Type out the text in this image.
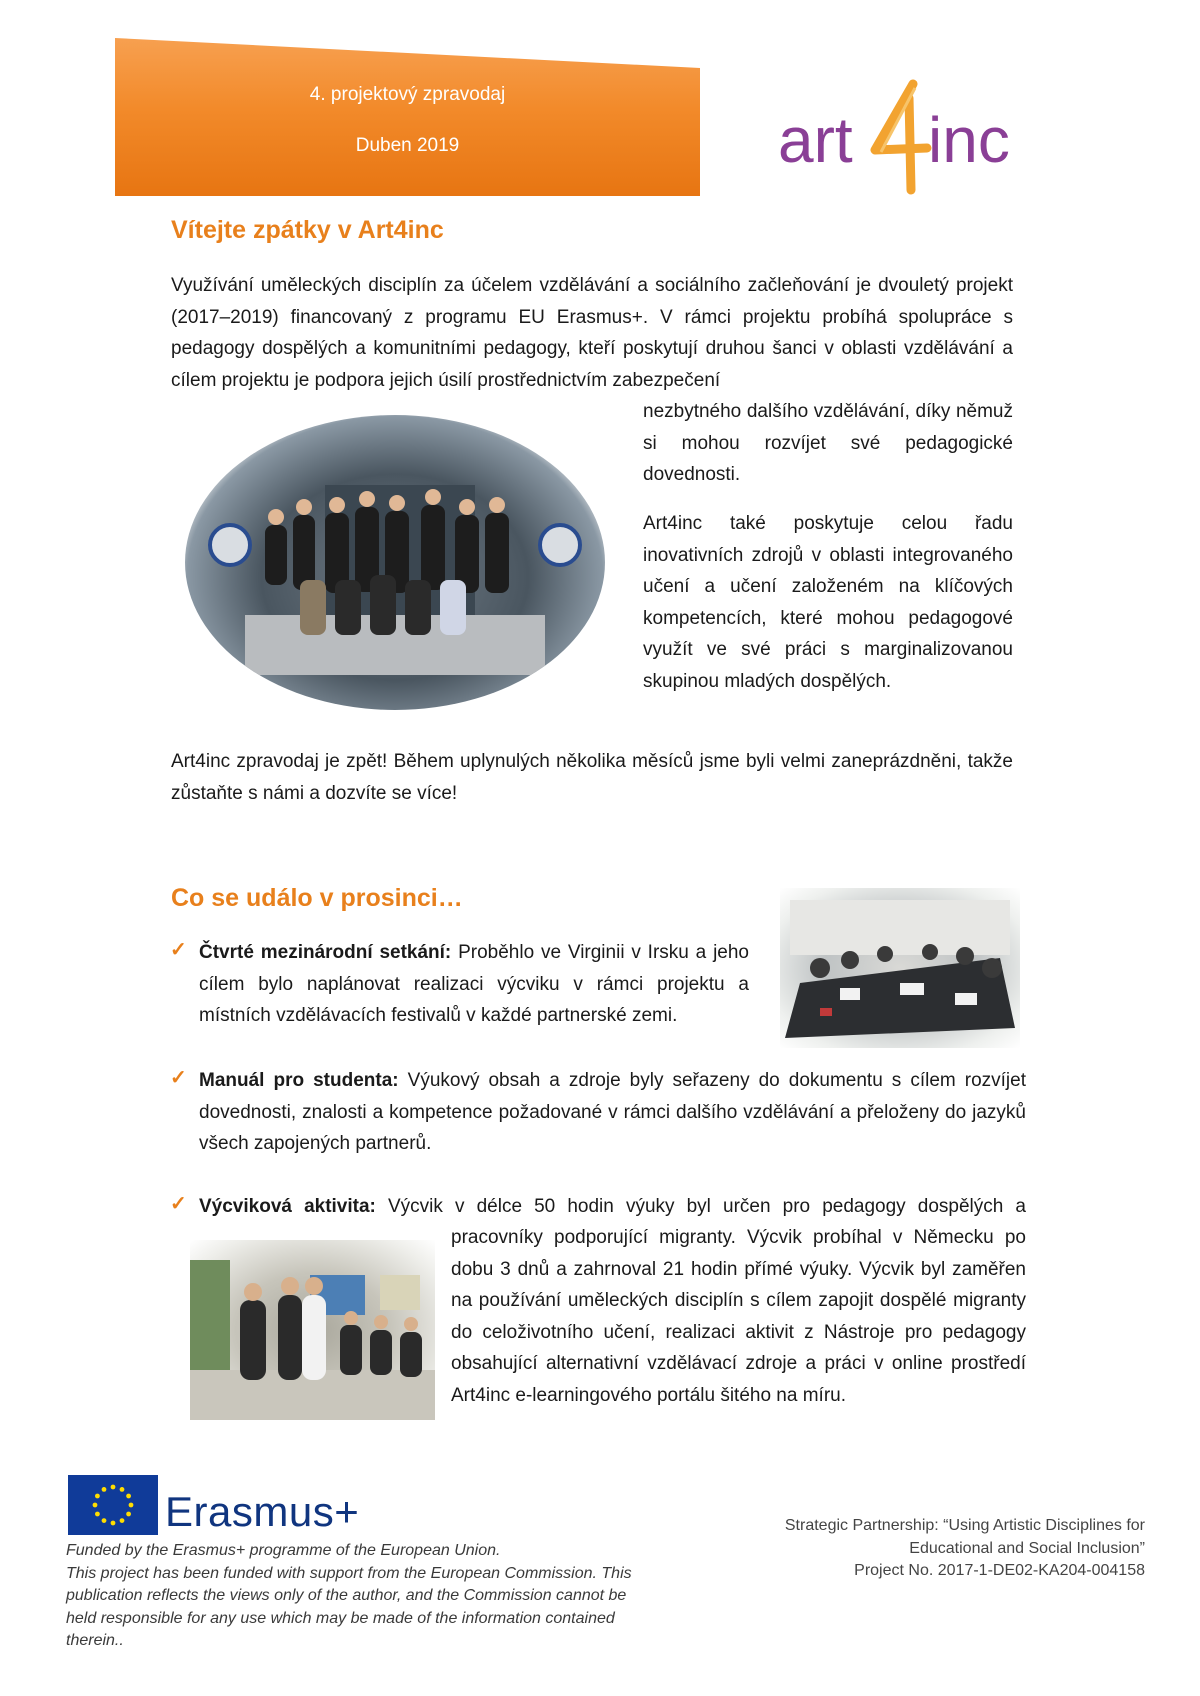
4. projektový zpravodaj
Duben 2019	art inc
Vítejte zpátky v Art4inc

Využívání uměleckých disciplín za účelem vzdělávání a sociálního začleňování je dvouletý projekt (2017–2019) financovaný z programu EU Erasmus+. V rámci projektu probíhá spolupráce s pedagogy dospělých a komunitními pedagogy, kteří poskytují druhou šanci v oblasti vzdělávání a cílem projektu je podpora jejich úsilí prostřednictvím zabezpečení

nezbytného dalšího vzdělávání, díky němuž si mohou rozvíjet své pedagogické dovednosti.

Art4inc také poskytuje celou řadu inovativních zdrojů v oblasti integrovaného učení a učení založeném na klíčových kompetencích, které mohou pedagogové využít ve své práci s marginalizovanou skupinou mladých dospělých.

Art4inc zpravodaj je zpět! Během uplynulých několika měsíců jsme byli velmi zaneprázdněni, takže zůstaňte s námi a dozvíte se více!

Co se událo v prosinci…
✓ Čtvrté mezinárodní setkání: Proběhlo ve Virginii v Irsku a jeho cílem bylo naplánovat realizaci výcviku v rámci projektu a místních vzdělávacích festivalů v každé partnerské zemi.

✓ Manuál pro studenta: Výukový obsah a zdroje byly seřazeny do dokumentu s cílem rozvíjet dovednosti, znalosti a kompetence požadované v rámci dalšího vzdělávání a přeloženy do jazyků všech zapojených partnerů.

✓ Výcviková aktivita: Výcvik v délce 50 hodin výuky byl určen pro pedagogy dospělých a

pracovníky podporující migranty. Výcvik probíhal v Německu po dobu 3 dnů a zahrnoval 21 hodin přímé výuky. Výcvik byl zaměřen na používání uměleckých disciplín s cílem zapojit dospělé migranty do celoživotního učení, realizaci aktivit z Nástroje pro pedagogy obsahující alternativní vzdělávací zdroje a práci v online prostředí Art4inc e-learningového portálu šitého na míru.

Erasmus+
Funded by the Erasmus+ programme of the European Union.
This project has been funded with support from the European Commission. This
publication reflects the views only of the author, and the Commission cannot be
held responsible for any use which may be made of the information contained
therein..
Strategic Partnership: “Using Artistic Disciplines for
Educational and Social Inclusion”
Project No. 2017-1-DE02-KA204-004158
